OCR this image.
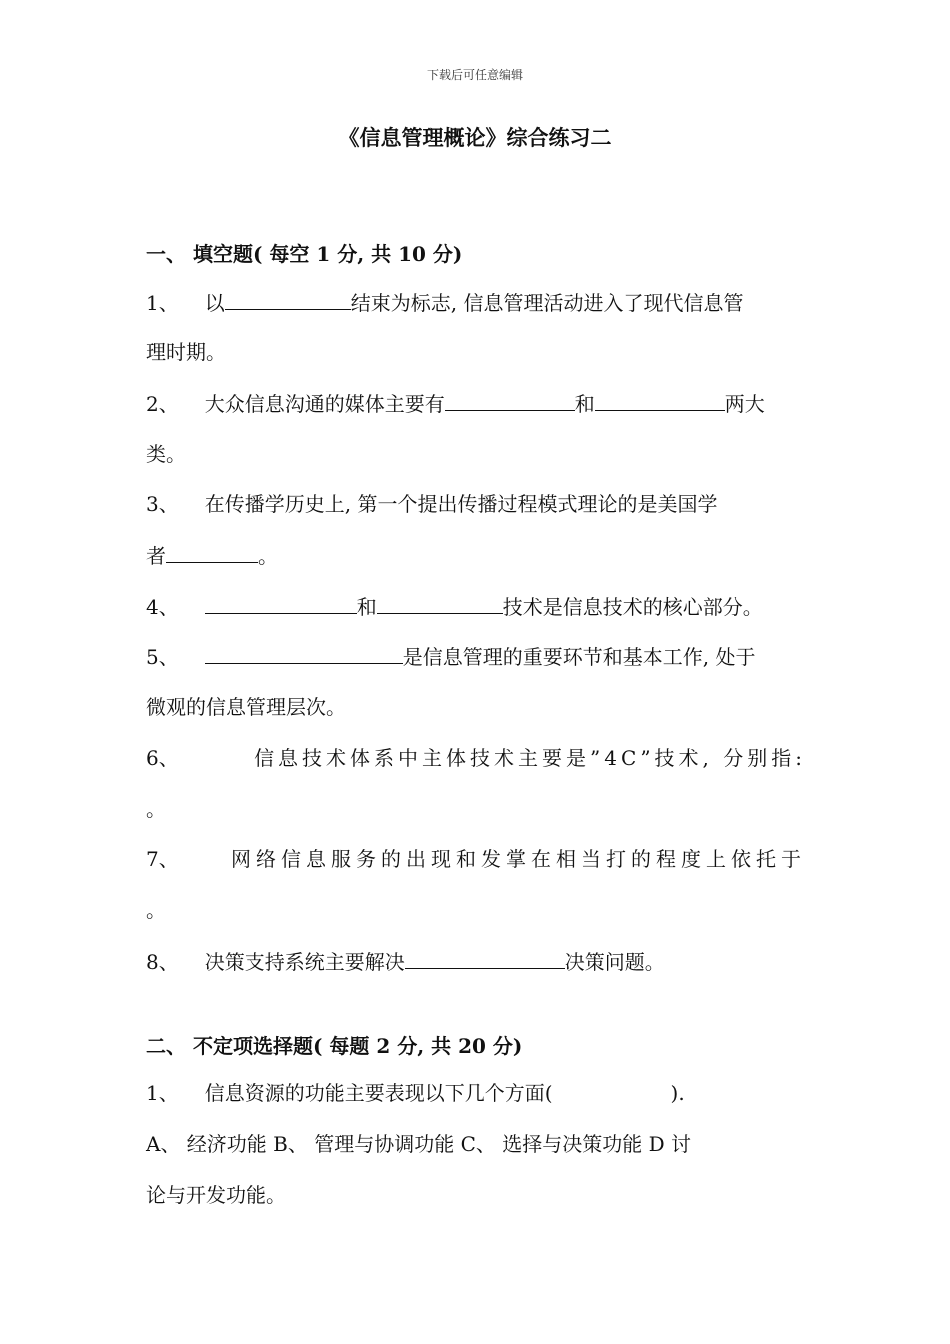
下载后可任意编辑
《信息管理概论》综合练习二
一、 填空题( 每空 1 分, 共 10 分)
1、 以	结束为标志, 信息管理活动进入了现代信息管
理时期。
2、 大众信息沟通的媒体主要有	和	两大
类。
3、 在传播学历史上, 第一个提出传播过程模式理论的是美国学
者	。
4、	和	技术是信息技术的核心部分。
5、	是信息管理的重要环节和基本工作, 处于
微观的信息管理层次。
6、	信息技术体系中主体技术主要是”4C”技术, 分别指:
。
7、	网络信息服务的出现和发掌在相当打的程度上依托于
。
8、 决策支持系统主要解决	决策问题。
二、 不定项选择题( 每题 2 分, 共 20 分)
1、 信息资源的功能主要表现以下几个方面(	).
A、 经济功能 B、 管理与协调功能 C、 选择与决策功能 D 讨
论与开发功能。
